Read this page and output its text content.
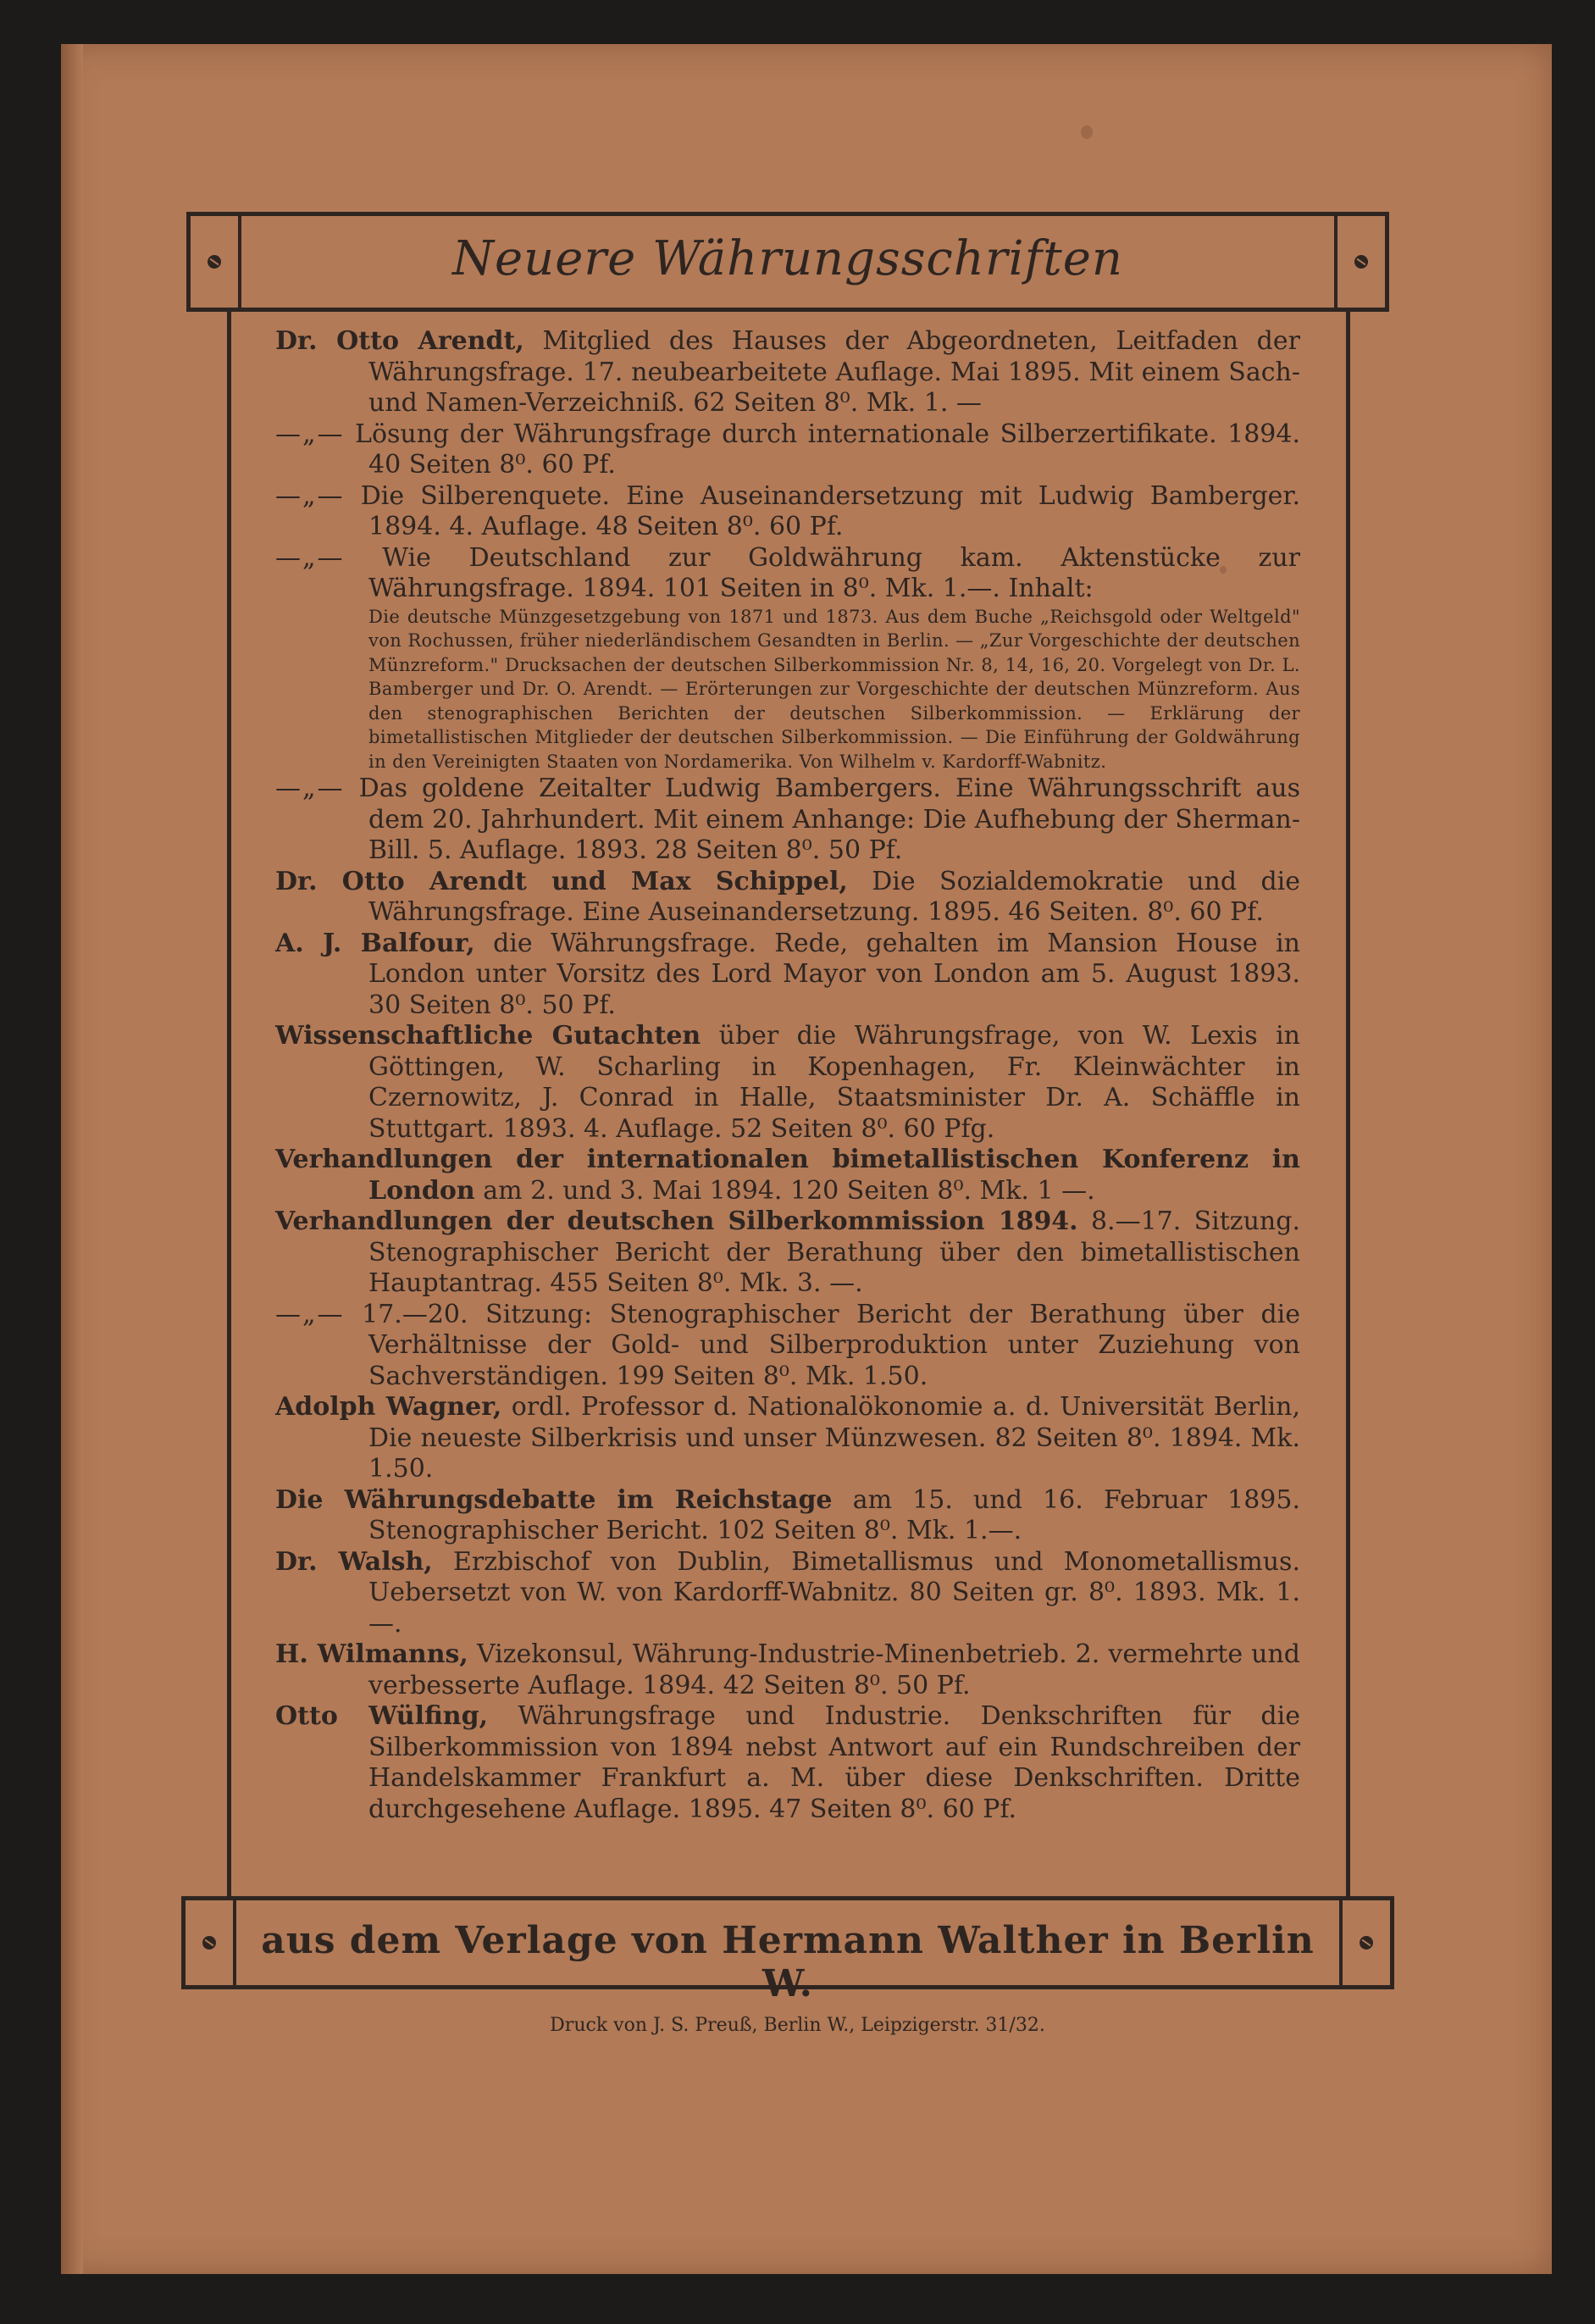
Neuere Währungsschriften

Dr. Otto Arendt, Mitglied des Hauses der Abgeordneten, Leitfaden der Währungsfrage. 17. neubearbeitete Auflage. Mai 1895. Mit einem Sach- und Namen-Verzeichniß. 62 Seiten 8⁰. Mk. 1. —

—„— Lösung der Währungsfrage durch internationale Silberzertifikate. 1894. 40 Seiten 8⁰. 60 Pf.

—„— Die Silberenquete. Eine Auseinandersetzung mit Ludwig Bamberger. 1894. 4. Auflage. 48 Seiten 8⁰. 60 Pf.

—„— Wie Deutschland zur Goldwährung kam. Aktenstücke zur Währungsfrage. 1894. 101 Seiten in 8⁰. Mk. 1.—. Inhalt:
Die deutsche Münzgesetzgebung von 1871 und 1873. Aus dem Buche „Reichsgold oder Weltgeld" von Rochussen, früher niederländischem Gesandten in Berlin. — „Zur Vorgeschichte der deutschen Münzreform." Drucksachen der deutschen Silberkommission Nr. 8, 14, 16, 20. Vorgelegt von Dr. L. Bamberger und Dr. O. Arendt. — Erörterungen zur Vorgeschichte der deutschen Münzreform. Aus den stenographischen Berichten der deutschen Silberkommission. — Erklärung der bimetallistischen Mitglieder der deutschen Silberkommission. — Die Einführung der Goldwährung in den Vereinigten Staaten von Nordamerika. Von Wilhelm v. Kardorff-Wabnitz.

—„— Das goldene Zeitalter Ludwig Bambergers. Eine Währungsschrift aus dem 20. Jahrhundert. Mit einem Anhange: Die Aufhebung der Sherman-Bill. 5. Auflage. 1893. 28 Seiten 8⁰. 50 Pf.

Dr. Otto Arendt und Max Schippel, Die Sozialdemokratie und die Währungsfrage. Eine Auseinandersetzung. 1895. 46 Seiten. 8⁰. 60 Pf.

A. J. Balfour, die Währungsfrage. Rede, gehalten im Mansion House in London unter Vorsitz des Lord Mayor von London am 5. August 1893. 30 Seiten 8⁰. 50 Pf.

Wissenschaftliche Gutachten über die Währungsfrage, von W. Lexis in Göttingen, W. Scharling in Kopenhagen, Fr. Kleinwächter in Czernowitz, J. Conrad in Halle, Staatsminister Dr. A. Schäffle in Stuttgart. 1893. 4. Auflage. 52 Seiten 8⁰. 60 Pfg.

Verhandlungen der internationalen bimetallistischen Konferenz in London am 2. und 3. Mai 1894. 120 Seiten 8⁰. Mk. 1 —.

Verhandlungen der deutschen Silberkommission 1894. 8.—17. Sitzung. Stenographischer Bericht der Berathung über den bimetallistischen Hauptantrag. 455 Seiten 8⁰. Mk. 3. —.

—„— 17.—20. Sitzung: Stenographischer Bericht der Berathung über die Verhältnisse der Gold- und Silberproduktion unter Zuziehung von Sachverständigen. 199 Seiten 8⁰. Mk. 1.50.

Adolph Wagner, ordl. Professor d. Nationalökonomie a. d. Universität Berlin, Die neueste Silberkrisis und unser Münzwesen. 82 Seiten 8⁰. 1894. Mk. 1.50.

Die Währungsdebatte im Reichstage am 15. und 16. Februar 1895. Stenographischer Bericht. 102 Seiten 8⁰. Mk. 1.—.

Dr. Walsh, Erzbischof von Dublin, Bimetallismus und Monometallismus. Uebersetzt von W. von Kardorff-Wabnitz. 80 Seiten gr. 8⁰. 1893. Mk. 1. —.

H. Wilmanns, Vizekonsul, Währung-Industrie-Minenbetrieb. 2. vermehrte und verbesserte Auflage. 1894. 42 Seiten 8⁰. 50 Pf.

Otto Wülfing, Währungsfrage und Industrie. Denkschriften für die Silberkommission von 1894 nebst Antwort auf ein Rundschreiben der Handelskammer Frankfurt a. M. über diese Denkschriften. Dritte durchgesehene Auflage. 1895. 47 Seiten 8⁰. 60 Pf.

aus dem Verlage von Hermann Walther in Berlin W.
Druck von J. S. Preuß, Berlin W., Leipzigerstr. 31/32.
